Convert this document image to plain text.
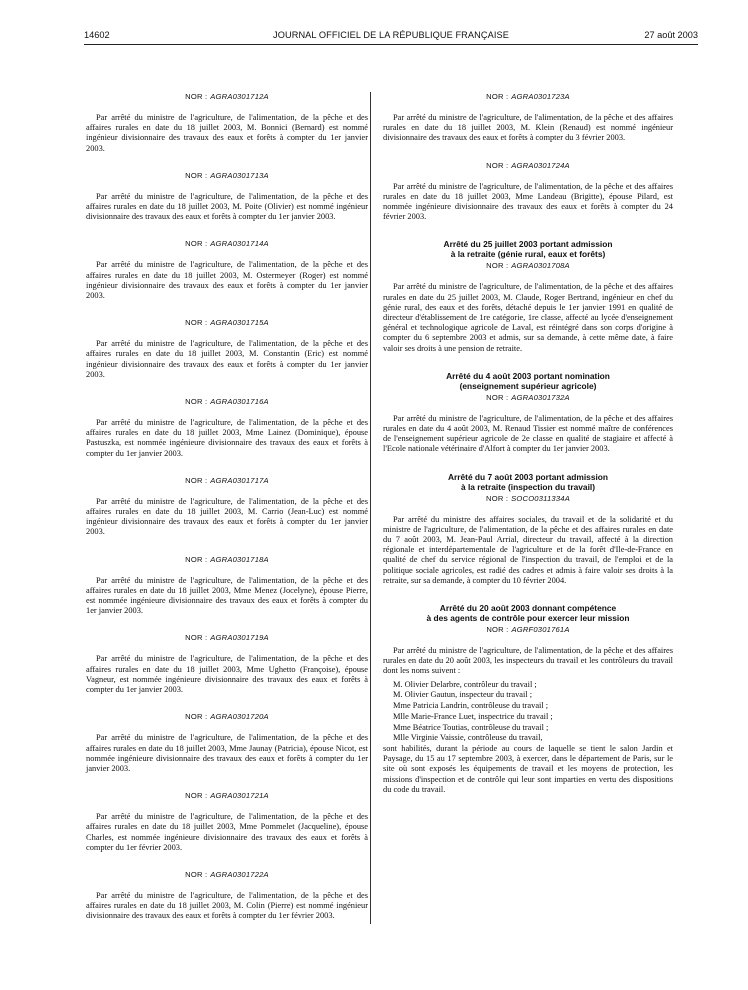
14602	JOURNAL OFFICIEL DE LA RÉPUBLIQUE FRANÇAISE	27 août 2003
NOR : AGRA0301712A

Par arrêté du ministre de l'agriculture, de l'alimentation, de la pêche et des affaires rurales en date du 18 juillet 2003, M. Bonnici (Bernard) est nommé ingénieur divisionnaire des travaux des eaux et forêts à compter du 1er janvier 2003.

NOR : AGRA0301713A

Par arrêté du ministre de l'agriculture, de l'alimentation, de la pêche et des affaires rurales en date du 18 juillet 2003, M. Poite (Olivier) est nommé ingénieur divisionnaire des travaux des eaux et forêts à compter du 1er janvier 2003.

NOR : AGRA0301714A

Par arrêté du ministre de l'agriculture, de l'alimentation, de la pêche et des affaires rurales en date du 18 juillet 2003, M. Ostermeyer (Roger) est nommé ingénieur divisionnaire des travaux des eaux et forêts à compter du 1er janvier 2003.

NOR : AGRA0301715A

Par arrêté du ministre de l'agriculture, de l'alimentation, de la pêche et des affaires rurales en date du 18 juillet 2003, M. Constantin (Eric) est nommé ingénieur divisionnaire des travaux des eaux et forêts à compter du 1er janvier 2003.

NOR : AGRA0301716A

Par arrêté du ministre de l'agriculture, de l'alimentation, de la pêche et des affaires rurales en date du 18 juillet 2003, Mme Lainez (Dominique), épouse Pastuszka, est nommée ingénieure divisionnaire des travaux des eaux et forêts à compter du 1er janvier 2003.

NOR : AGRA0301717A

Par arrêté du ministre de l'agriculture, de l'alimentation, de la pêche et des affaires rurales en date du 18 juillet 2003, M. Carrio (Jean-Luc) est nommé ingénieur divisionnaire des travaux des eaux et forêts à compter du 1er janvier 2003.

NOR : AGRA0301718A

Par arrêté du ministre de l'agriculture, de l'alimentation, de la pêche et des affaires rurales en date du 18 juillet 2003, Mme Menez (Jocelyne), épouse Pierre, est nommée ingénieure divisionnaire des travaux des eaux et forêts à compter du 1er janvier 2003.

NOR : AGRA0301719A

Par arrêté du ministre de l'agriculture, de l'alimentation, de la pêche et des affaires rurales en date du 18 juillet 2003, Mme Ughetto (Françoise), épouse Vagneur, est nommée ingénieure divisionnaire des travaux des eaux et forêts à compter du 1er janvier 2003.

NOR : AGRA0301720A

Par arrêté du ministre de l'agriculture, de l'alimentation, de la pêche et des affaires rurales en date du 18 juillet 2003, Mme Jaunay (Patricia), épouse Nicot, est nommée ingénieure divisionnaire des travaux des eaux et forêts à compter du 1er janvier 2003.

NOR : AGRA0301721A

Par arrêté du ministre de l'agriculture, de l'alimentation, de la pêche et des affaires rurales en date du 18 juillet 2003, Mme Pommelet (Jacqueline), épouse Charles, est nommée ingénieure divisionnaire des travaux des eaux et forêts à compter du 1er février 2003.

NOR : AGRA0301722A

Par arrêté du ministre de l'agriculture, de l'alimentation, de la pêche et des affaires rurales en date du 18 juillet 2003, M. Colin (Pierre) est nommé ingénieur divisionnaire des travaux des eaux et forêts à compter du 1er février 2003.

NOR : AGRA0301723A

Par arrêté du ministre de l'agriculture, de l'alimentation, de la pêche et des affaires rurales en date du 18 juillet 2003, M. Klein (Renaud) est nommé ingénieur divisionnaire des travaux des eaux et forêts à compter du 3 février 2003.

NOR : AGRA0301724A

Par arrêté du ministre de l'agriculture, de l'alimentation, de la pêche et des affaires rurales en date du 18 juillet 2003, Mme Landeau (Brigitte), épouse Pilard, est nommée ingénieure divisionnaire des travaux des eaux et forêts à compter du 24 février 2003.

Arrêté du 25 juillet 2003 portant admission
à la retraite (génie rural, eaux et forêts)
NOR : AGRA0301708A

Par arrêté du ministre de l'agriculture, de l'alimentation, de la pêche et des affaires rurales en date du 25 juillet 2003, M. Claude, Roger Bertrand, ingénieur en chef du génie rural, des eaux et des forêts, détaché depuis le 1er janvier 1991 en qualité de directeur d'établissement de 1re catégorie, 1re classe, affecté au lycée d'enseignement général et technologique agricole de Laval, est réintégré dans son corps d'origine à compter du 6 septembre 2003 et admis, sur sa demande, à cette même date, à faire valoir ses droits à une pension de retraite.

Arrêté du 4 août 2003 portant nomination
(enseignement supérieur agricole)
NOR : AGRA0301732A

Par arrêté du ministre de l'agriculture, de l'alimentation, de la pêche et des affaires rurales en date du 4 août 2003, M. Renaud Tissier est nommé maître de conférences de l'enseignement supérieur agricole de 2e classe en qualité de stagiaire et affecté à l'Ecole nationale vétérinaire d'Alfort à compter du 1er janvier 2003.

Arrêté du 7 août 2003 portant admission
à la retraite (inspection du travail)
NOR : SOCO0311334A

Par arrêté du ministre des affaires sociales, du travail et de la solidarité et du ministre de l'agriculture, de l'alimentation, de la pêche et des affaires rurales en date du 7 août 2003, M. Jean-Paul Arrial, directeur du travail, affecté à la direction régionale et interdépartementale de l'agriculture et de la forêt d'Ile-de-France en qualité de chef du service régional de l'inspection du travail, de l'emploi et de la politique sociale agricoles, est radié des cadres et admis à faire valoir ses droits à la retraite, sur sa demande, à compter du 10 février 2004.

Arrêté du 20 août 2003 donnant compétence
à des agents de contrôle pour exercer leur mission
NOR : AGRF0301761A

Par arrêté du ministre de l'agriculture, de l'alimentation, de la pêche et des affaires rurales en date du 20 août 2003, les inspecteurs du travail et les contrôleurs du travail dont les noms suivent :

M. Olivier Delarbre, contrôleur du travail ;
M. Olivier Gautun, inspecteur du travail ;
Mme Patricia Landrin, contrôleuse du travail ;
Mlle Marie-France Luet, inspectrice du travail ;
Mme Béatrice Toutias, contrôleuse du travail ;
Mlle Virginie Vaissie, contrôleuse du travail,

sont habilités, durant la période au cours de laquelle se tient le salon Jardin et Paysage, du 15 au 17 septembre 2003, à exercer, dans le département de Paris, sur le site où sont exposés les équipements de travail et les moyens de protection, les missions d'inspection et de contrôle qui leur sont imparties en vertu des dispositions du code du travail.
